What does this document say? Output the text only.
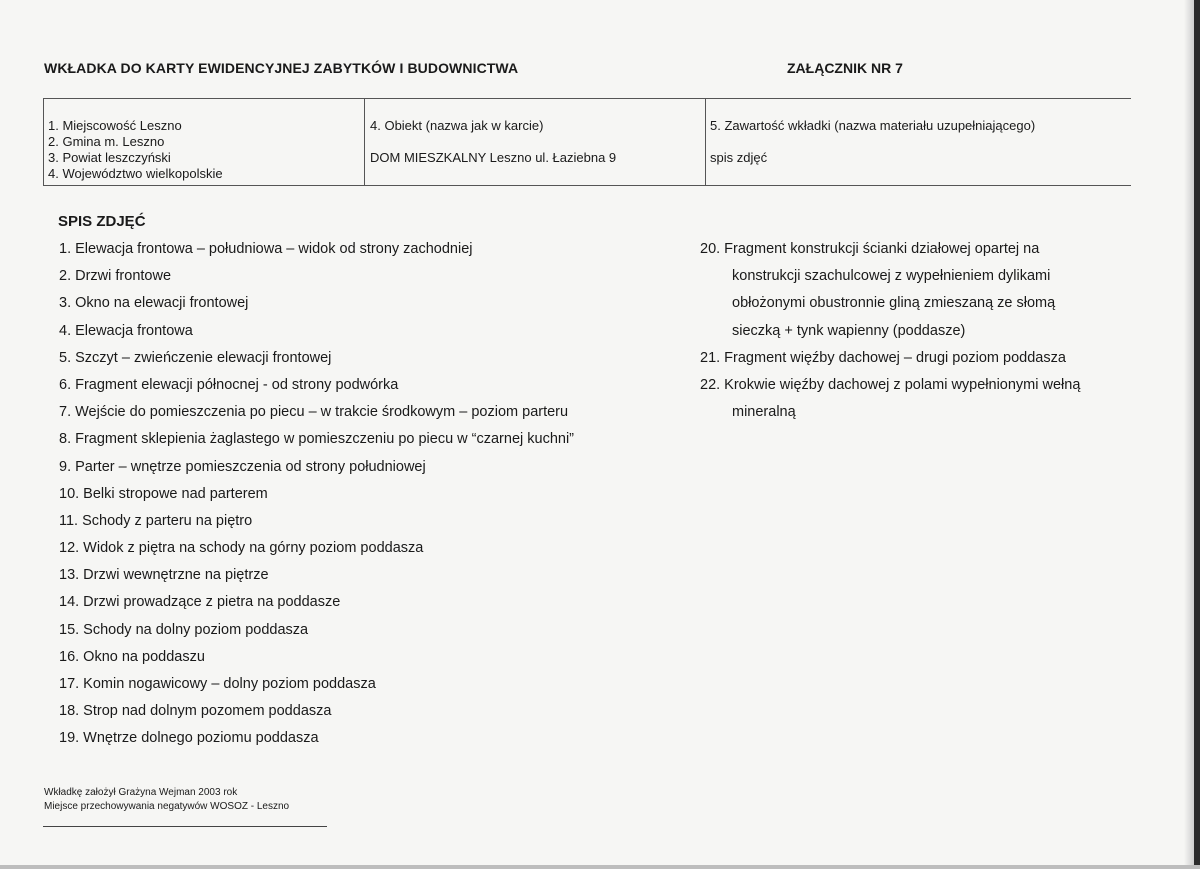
WKŁADKA DO KARTY EWIDENCYJNEJ ZABYTKÓW I BUDOWNICTWA	ZAŁĄCZNIK NR 7
1. Miejscowość Leszno
2. Gmina m. Leszno
3. Powiat leszczyński
4. Województwo wielkopolskie
4. Obiekt (nazwa jak w karcie)
DOM MIESZKALNY Leszno ul. Łaziebna 9
5. Zawartość wkładki (nazwa materiału uzupełniającego)
spis zdjęć
SPIS ZDJĘĆ
1. Elewacja frontowa – południowa – widok od strony zachodniej
2. Drzwi frontowe
3. Okno na elewacji frontowej
4. Elewacja frontowa
5. Szczyt – zwieńczenie elewacji frontowej
6. Fragment elewacji północnej - od strony podwórka
7. Wejście do pomieszczenia po piecu – w trakcie środkowym – poziom parteru
8. Fragment sklepienia żaglastego w pomieszczeniu po piecu w “czarnej kuchni”
9. Parter – wnętrze pomieszczenia od strony południowej
10. Belki stropowe nad parterem
11. Schody z parteru na piętro
12. Widok z piętra na schody na górny poziom poddasza
13. Drzwi wewnętrzne na piętrze
14. Drzwi prowadzące z pietra na poddasze
15. Schody na dolny poziom poddasza
16. Okno na poddaszu
17. Komin nogawicowy – dolny poziom poddasza
18. Strop nad dolnym pozomem poddasza
19. Wnętrze dolnego poziomu poddasza
20. Fragment konstrukcji ścianki działowej opartej na
konstrukcji szachulcowej z wypełnieniem dylikami
obłożonymi obustronnie gliną zmieszaną ze słomą
sieczką + tynk wapienny (poddasze)
21. Fragment więźby dachowej – drugi poziom poddasza
22. Krokwie więźby dachowej z polami wypełnionymi wełną
mineralną
Wkładkę założył Grażyna Wejman 2003 rok
Miejsce przechowywania negatywów WOSOZ - Leszno
